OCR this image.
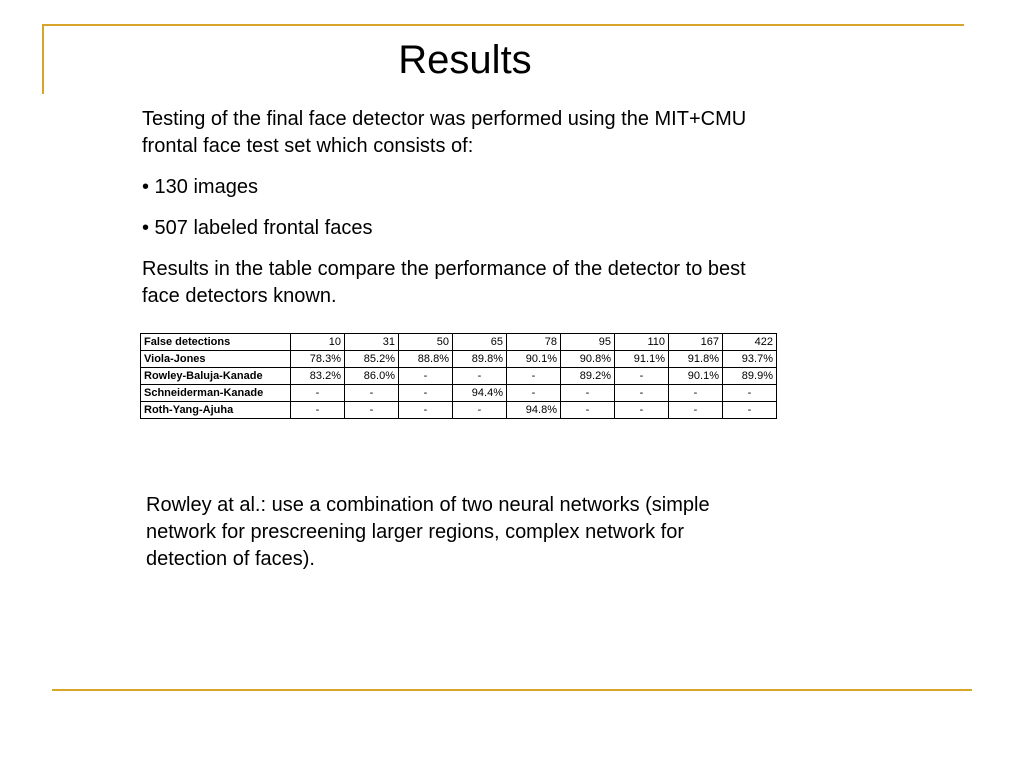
Results

Testing of the final face detector was performed using the MIT+CMU frontal face test set which consists of:

• 130 images

• 507 labeled frontal faces

Results in the table compare the performance of the detector to best face detectors known.

False detections	10	31	50	65	78	95	110	167	422
Viola-Jones	78.3%	85.2%	88.8%	89.8%	90.1%	90.8%	91.1%	91.8%	93.7%
Rowley-Baluja-Kanade	83.2%	86.0%	-	-	-	89.2%	-	90.1%	89.9%
Schneiderman-Kanade	-	-	-	94.4%	-	-	-	-	-
Roth-Yang-Ajuha	-	-	-	-	94.8%	-	-	-	-
Rowley at al.: use a combination of two neural networks (simple network for prescreening larger regions, complex network for detection of faces).
